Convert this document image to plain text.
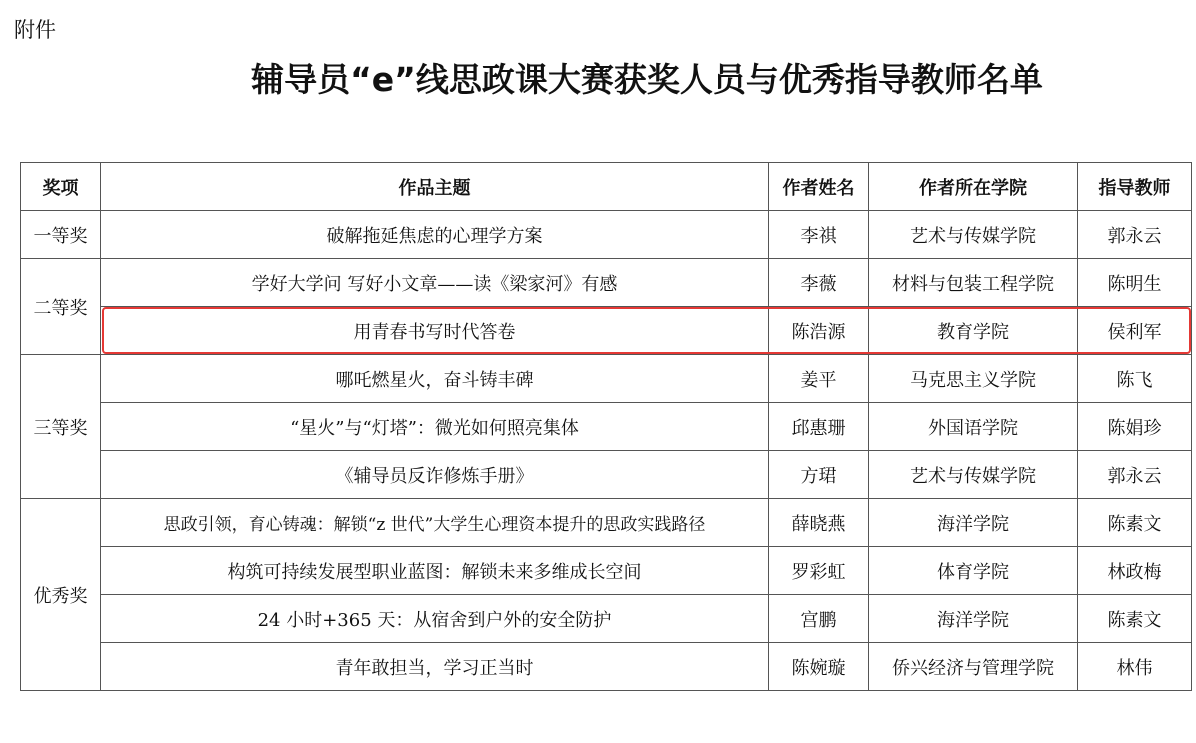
附件
辅导员“e”线思政课大赛获奖人员与优秀指导教师名单
奖项	作品主题	作者姓名	作者所在学院	指导教师
一等奖	破解拖延焦虑的心理学方案	李祺	艺术与传媒学院	郭永云
二等奖	学好大学问 写好小文章——读《梁家河》有感	李薇	材料与包装工程学院	陈明生
	用青春书写时代答卷	陈浩源	教育学院	侯利军
三等奖	哪吒燃星火，奋斗铸丰碑	姜平	马克思主义学院	陈飞
	“星火”与“灯塔”：微光如何照亮集体	邱惠珊	外国语学院	陈娟珍
	《辅导员反诈修炼手册》	方珺	艺术与传媒学院	郭永云
优秀奖	思政引领，育心铸魂：解锁“z 世代”大学生心理资本提升的思政实践路径	薛晓燕	海洋学院	陈素文
	构筑可持续发展型职业蓝图：解锁未来多维成长空间	罗彩虹	体育学院	林政梅
	24 小时+365 天：从宿舍到户外的安全防护	宫鹏	海洋学院	陈素文
	青年敢担当，学习正当时	陈婉璇	侨兴经济与管理学院	林伟
